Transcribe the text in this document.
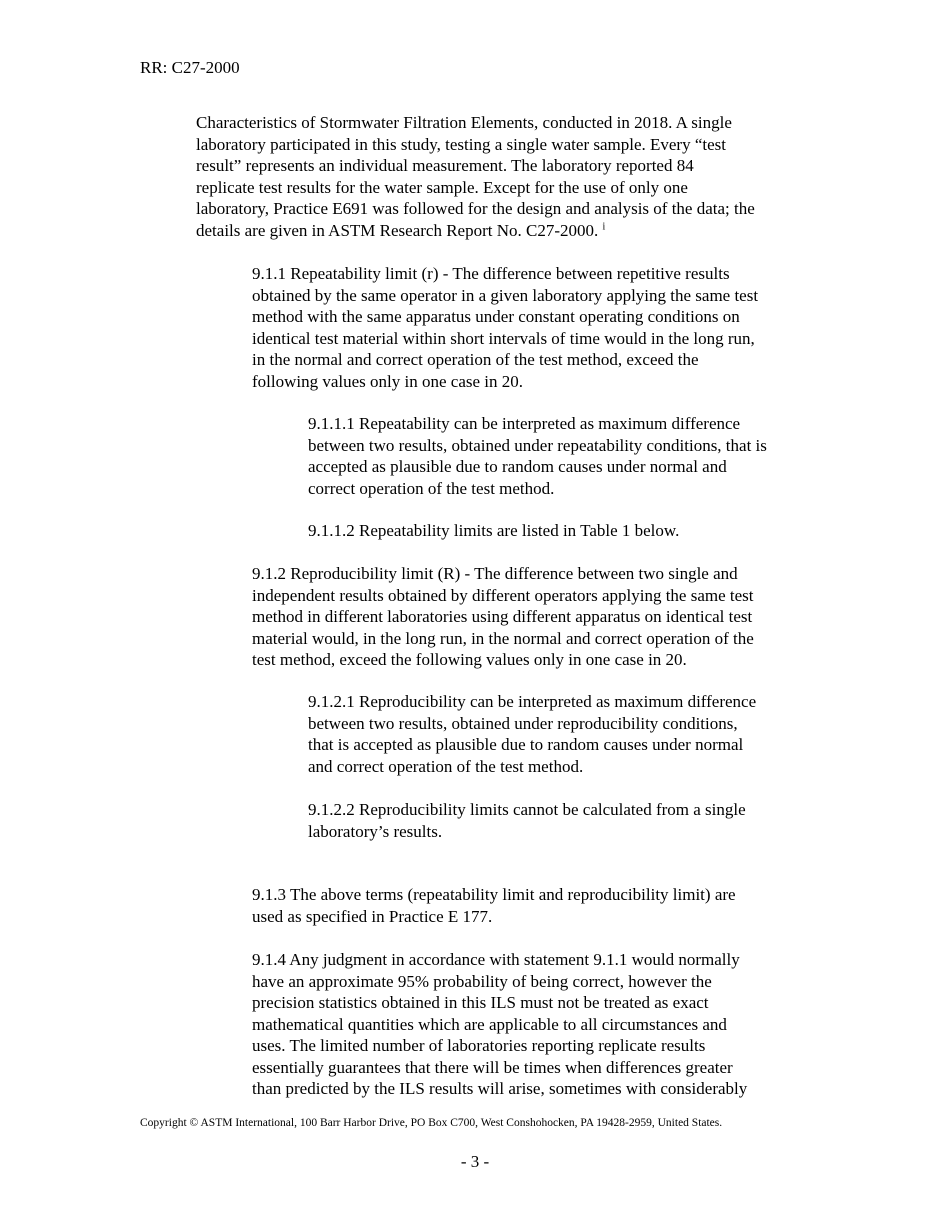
RR: C27-2000
Characteristics of Stormwater Filtration Elements, conducted in 2018. A single
laboratory participated in this study, testing a single water sample. Every “test
result” represents an individual measurement. The laboratory reported 84
replicate test results for the water sample. Except for the use of only one
laboratory, Practice E691 was followed for the design and analysis of the data; the
details are given in ASTM Research Report No. C27-2000. $^i$
9.1.1 Repeatability limit (r) - The difference between repetitive results
obtained by the same operator in a given laboratory applying the same test
method with the same apparatus under constant operating conditions on
identical test material within short intervals of time would in the long run,
in the normal and correct operation of the test method, exceed the
following values only in one case in 20.
9.1.1.1 Repeatability can be interpreted as maximum difference
between two results, obtained under repeatability conditions, that is
accepted as plausible due to random causes under normal and
correct operation of the test method.
9.1.1.2 Repeatability limits are listed in Table 1 below.
9.1.2 Reproducibility limit (R) - The difference between two single and
independent results obtained by different operators applying the same test
method in different laboratories using different apparatus on identical test
material would, in the long run, in the normal and correct operation of the
test method, exceed the following values only in one case in 20.
9.1.2.1 Reproducibility can be interpreted as maximum difference
between two results, obtained under reproducibility conditions,
that is accepted as plausible due to random causes under normal
and correct operation of the test method.
9.1.2.2 Reproducibility limits cannot be calculated from a single
laboratory’s results.
9.1.3 The above terms (repeatability limit and reproducibility limit) are
used as specified in Practice E 177.
9.1.4 Any judgment in accordance with statement 9.1.1 would normally
have an approximate 95% probability of being correct, however the
precision statistics obtained in this ILS must not be treated as exact
mathematical quantities which are applicable to all circumstances and
uses. The limited number of laboratories reporting replicate results
essentially guarantees that there will be times when differences greater
than predicted by the ILS results will arise, sometimes with considerably
Copyright © ASTM International, 100 Barr Harbor Drive, PO Box C700, West Conshohocken, PA 19428-2959, United States.
- 3 -
